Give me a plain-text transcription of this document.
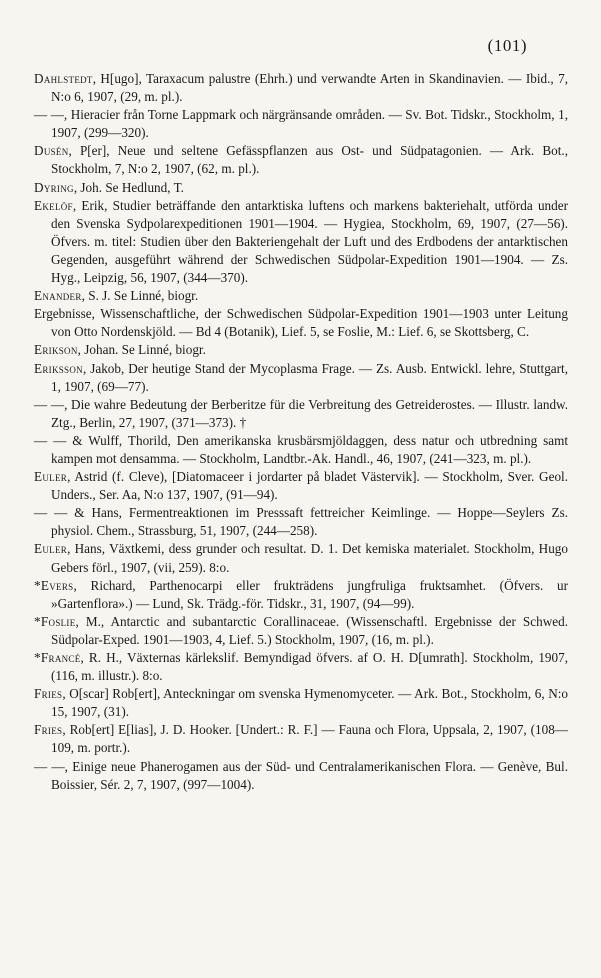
(101)

Dahlstedt, H[ugo], Taraxacum palustre (Ehrh.) und verwandte Arten in Skandinavien. — Ibid., 7, N:o 6, 1907, (29, m. pl.).

— —, Hieracier från Torne Lappmark och närgränsande områden. — Sv. Bot. Tidskr., Stockholm, 1, 1907, (299—320).

Dusén, P[er], Neue und seltene Gefässpflanzen aus Ost- und Südpatagonien. — Ark. Bot., Stockholm, 7, N:o 2, 1907, (62, m. pl.).

Dyring, Joh. Se Hedlund, T.

Ekelöf, Erik, Studier beträffande den antarktiska luftens och markens bakteriehalt, utförda under den Svenska Sydpolarexpeditionen 1901—1904. — Hygiea, Stockholm, 69, 1907, (27—56). Öfvers. m. titel: Studien über den Bakteriengehalt der Luft und des Erdbodens der antarktischen Gegenden, ausgeführt während der Schwedischen Südpolar-Expedition 1901—1904. — Zs. Hyg., Leipzig, 56, 1907, (344—370).

Enander, S. J. Se Linné, biogr.

Ergebnisse, Wissenschaftliche, der Schwedischen Südpolar-Expedition 1901—1903 unter Leitung von Otto Nordenskjöld. — Bd 4 (Botanik), Lief. 5, se Foslie, M.: Lief. 6, se Skottsberg, C.

Erikson, Johan. Se Linné, biogr.

Eriksson, Jakob, Der heutige Stand der Mycoplasma Frage. — Zs. Ausb. Entwickl. lehre, Stuttgart, 1, 1907, (69—77).

— —, Die wahre Bedeutung der Berberitze für die Verbreitung des Getreiderostes. — Illustr. landw. Ztg., Berlin, 27, 1907, (371—373). †

— — & Wulff, Thorild, Den amerikanska krusbärsmjöldaggen, dess natur och utbredning samt kampen mot densamma. — Stockholm, Landtbr.-Ak. Handl., 46, 1907, (241—323, m. pl.).

Euler, Astrid (f. Cleve), [Diatomaceer i jordarter på bladet Västervik]. — Stockholm, Sver. Geol. Unders., Ser. Aa, N:o 137, 1907, (91—94).

— — & Hans, Fermentreaktionen im Presssaft fettreicher Keimlinge. — Hoppe—Seylers Zs. physiol. Chem., Strassburg, 51, 1907, (244—258).

Euler, Hans, Växtkemi, dess grunder och resultat. D. 1. Det kemiska materialet. Stockholm, Hugo Gebers förl., 1907, (vii, 259). 8:o.

*Evers, Richard, Parthenocarpi eller frukträdens jungfruliga fruktsamhet. (Öfvers. ur »Gartenflora».) — Lund, Sk. Trädg.-för. Tidskr., 31, 1907, (94—99).

*Foslie, M., Antarctic and subantarctic Corallinaceae. (Wissenschaftl. Ergebnisse der Schwed. Südpolar-Exped. 1901—1903, 4, Lief. 5.) Stockholm, 1907, (16, m. pl.).

*Francé, R. H., Växternas kärlekslif. Bemyndigad öfvers. af O. H. D[umrath]. Stockholm, 1907, (116, m. illustr.). 8:o.

Fries, O[scar] Rob[ert], Anteckningar om svenska Hymenomyceter. — Ark. Bot., Stockholm, 6, N:o 15, 1907, (31).

Fries, Rob[ert] E[lias], J. D. Hooker. [Undert.: R. F.] — Fauna och Flora, Uppsala, 2, 1907, (108—109, m. portr.).

— —, Einige neue Phanerogamen aus der Süd- und Centralamerikanischen Flora. — Genève, Bul. Boissier, Sér. 2, 7, 1907, (997—1004).
